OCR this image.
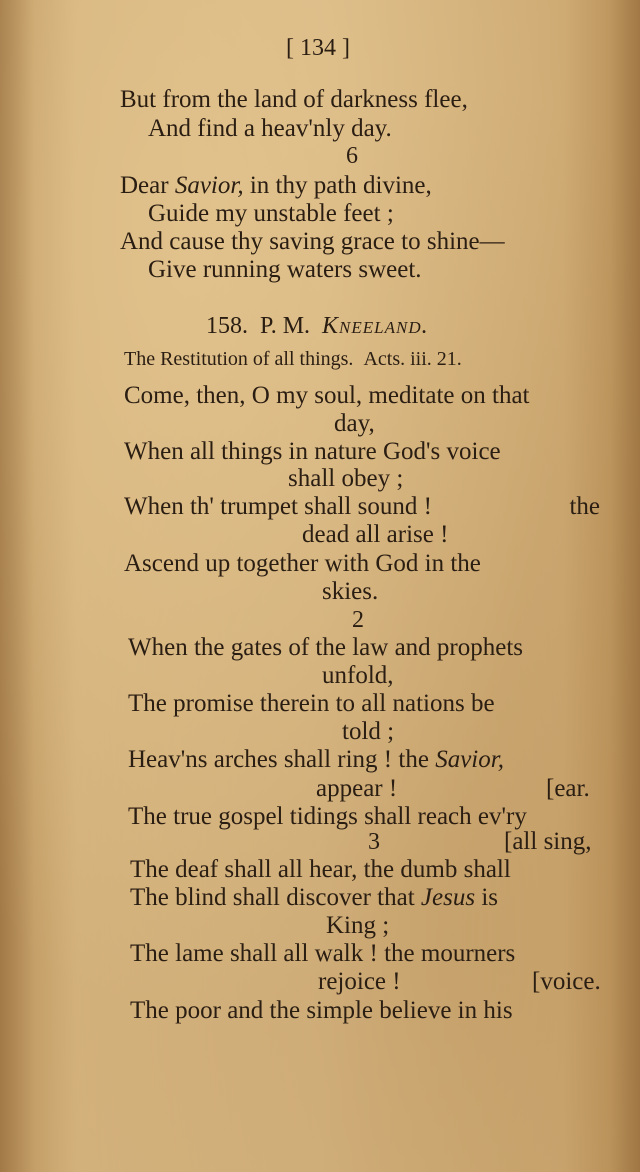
[ 134 ]
But from the land of darkness flee,
And find a heav'nly day.
6
Dear Savior, in thy path divine,
Guide my unstable feet ;
And cause thy saving grace to shine—
Give running waters sweet.
158. P. M. Kneeland.
The Restitution of all things. Acts. iii. 21.
Come, then, O my soul, meditate on that
day,
When all things in nature God's voice
shall obey ;
When th' trumpet shall sound !	the
dead all arise !
Ascend up together with God in the
skies.
2
When the gates of the law and prophets
unfold,
The promise therein to all nations be
told ;
Heav'ns arches shall ring ! the Savior,
appear !	[ear.
The true gospel tidings shall reach ev'ry
3	[all sing,
The deaf shall all hear, the dumb shall
The blind shall discover that Jesus is
King ;
The lame shall all walk ! the mourners
rejoice !	[voice.
The poor and the simple believe in his
